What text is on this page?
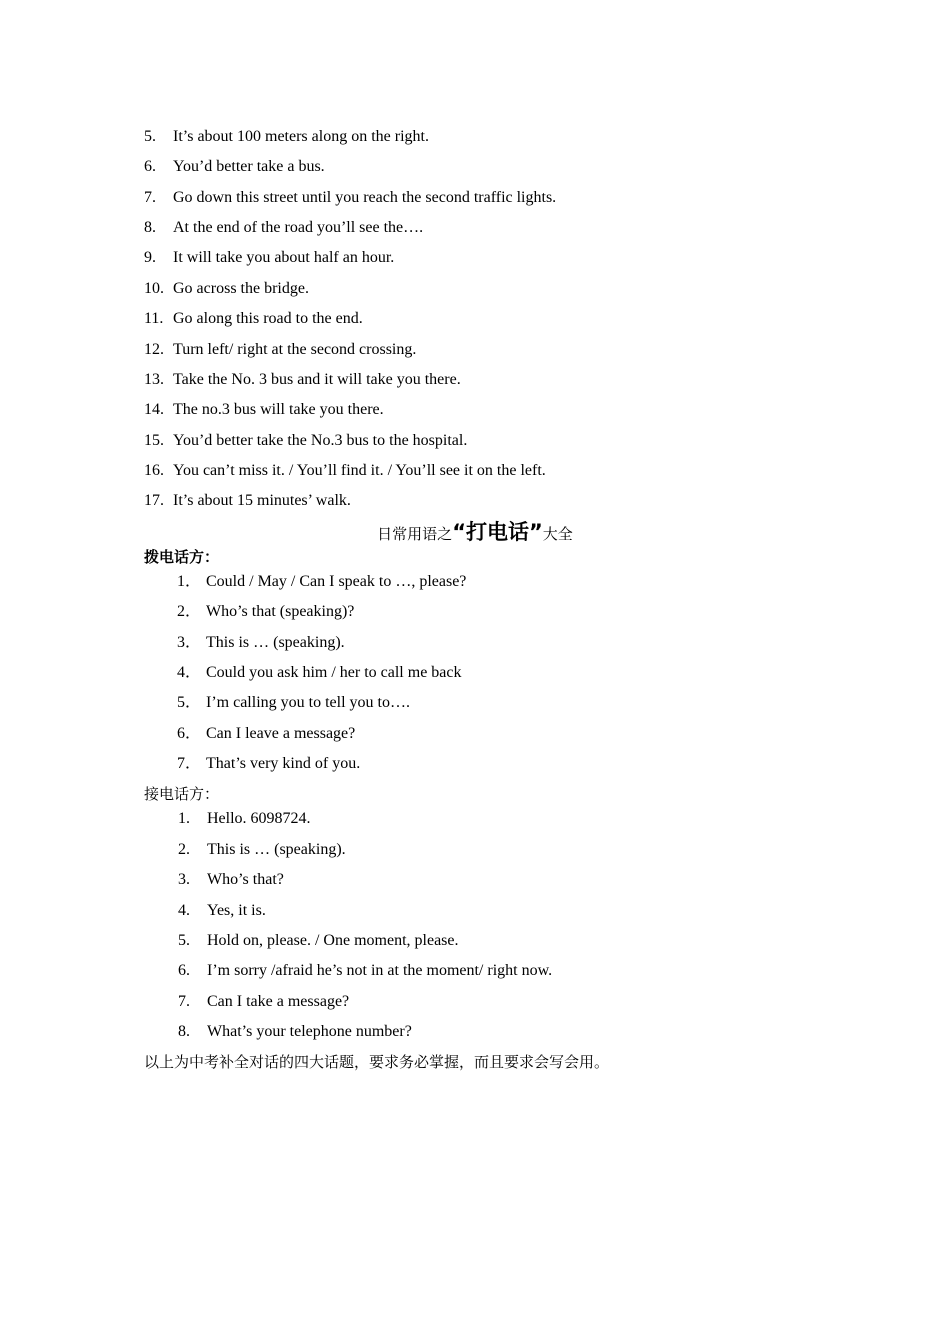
5. It’s about 100 meters along on the right.
6. You’d better take a bus.
7. Go down this street until you reach the second traffic lights.
8. At the end of the road you’ll see the….
9. It will take you about half an hour.
10. Go across the bridge.
11. Go along this road to the end.
12. Turn left/ right at the second crossing.
13. Take the No. 3 bus and it will take you there.
14. The no.3 bus will take you there.
15. You’d better take the No.3 bus to the hospital.
16. You can’t miss it. / You’ll find it. / You’ll see it on the left.
17. It’s about 15 minutes’ walk.
日常用语之“打电话”大全
拨电话方：
1． Could / May / Can I speak to …, please?
2． Who’s that (speaking)?
3． This is … (speaking).
4． Could you ask him / her to call me back
5． I’m calling you to tell you to….
6． Can I leave a message?
7． That’s very kind of you.
接电话方：
1. Hello. 6098724.
2. This is … (speaking).
3. Who’s that?
4. Yes, it is.
5. Hold on, please. / One moment, please.
6. I’m sorry /afraid he’s not in at the moment/ right now.
7. Can I take a message?
8. What’s your telephone number?
以上为中考补全对话的四大话题，要求务必掌握，而且要求会写会用。
